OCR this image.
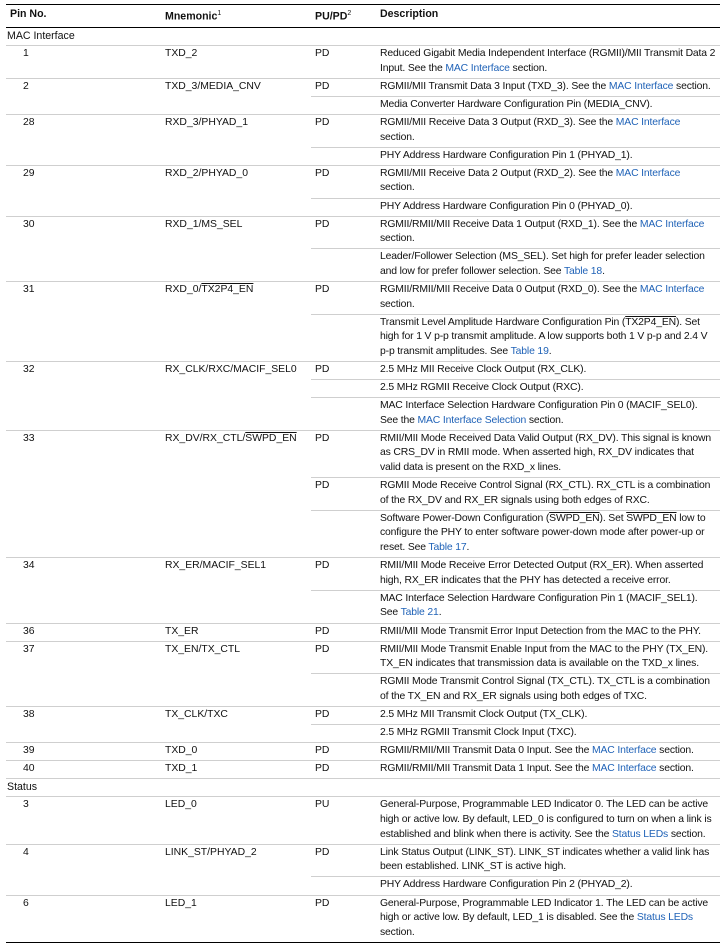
Pin No.	Mnemonic$^1$	$PU/PD^2$	Description
MAC Interface			
1	TXD_2	PD	Reduced Gigabit Media Independent Interface (RGMII)/MII Transmit Data 2 Input. See the MAC Interface section.
2	TXD_3/MEDIA_CNV	PD	RGMII/MII Transmit Data 3 Input (TXD_3). See the MAC Interface section.
			Media Converter Hardware Configuration Pin (MEDIA_CNV).
28	RXD_3/PHYAD_1	PD	RGMII/MII Receive Data 3 Output (RXD_3). See the MAC Interface section.
			PHY Address Hardware Configuration Pin 1 (PHYAD_1).
29	RXD_2/PHYAD_0	PD	RGMII/MII Receive Data 2 Output (RXD_2). See the MAC Interface section.
			PHY Address Hardware Configuration Pin 0 (PHYAD_0).
30	RXD_1/MS_SEL	PD	RGMII/RMII/MII Receive Data 1 Output (RXD_1). See the MAC Interface section.
			Leader/Follower Selection (MS_SEL). Set high for prefer leader selection and low for prefer follower selection. See Table 18.
31	RXD_0/TX2P4_EN	PD	RGMII/RMII/MII Receive Data 0 Output (RXD_0). See the MAC Interface section.
			Transmit Level Amplitude Hardware Configuration Pin (TX2P4_EN). Set high for 1 V p-p transmit amplitude. A low supports both 1 V p-p and 2.4 V p-p transmit amplitudes. See Table 19.
32	RX_CLK/RXC/MACIF_SEL0	PD	2.5 MHz MII Receive Clock Output (RX_CLK).
			2.5 MHz RGMII Receive Clock Output (RXC).
			MAC Interface Selection Hardware Configuration Pin 0 (MACIF_SEL0). See the MAC Interface Selection section.
33	RX_DV/RX_CTL/SWPD_EN	PD	RMII/MII Mode Received Data Valid Output (RX_DV). This signal is known as CRS_DV in RMII mode. When asserted high, RX_DV indicates that valid data is present on the RXD_x lines.
		PD	RGMII Mode Receive Control Signal (RX_CTL). RX_CTL is a combination of the RX_DV and RX_ER signals using both edges of RXC.
			Software Power-Down Configuration (SWPD_EN). Set SWPD_EN low to configure the PHY to enter software power-down mode after power-up or reset. See Table 17.
34	RX_ER/MACIF_SEL1	PD	RMII/MII Mode Receive Error Detected Output (RX_ER). When asserted high, RX_ER indicates that the PHY has detected a receive error.
			MAC Interface Selection Hardware Configuration Pin 1 (MACIF_SEL1). See Table 21.
36	TX_ER	PD	RMII/MII Mode Transmit Error Input Detection from the MAC to the PHY.
37	TX_EN/TX_CTL	PD	RMII/MII Mode Transmit Enable Input from the MAC to the PHY (TX_EN). TX_EN indicates that transmission data is available on the TXD_x lines.
			RGMII Mode Transmit Control Signal (TX_CTL). TX_CTL is a combination of the TX_EN and RX_ER signals using both edges of TXC.
38	TX_CLK/TXC	PD	2.5 MHz MII Transmit Clock Output (TX_CLK).
			2.5 MHz RGMII Transmit Clock Input (TXC).
39	TXD_0	PD	RGMII/RMII/MII Transmit Data 0 Input. See the MAC Interface section.
40	TXD_1	PD	RGMII/RMII/MII Transmit Data 1 Input. See the MAC Interface section.
Status			
3	LED_0	PU	General-Purpose, Programmable LED Indicator 0. The LED can be active high or active low. By default, LED_0 is configured to turn on when a link is established and blink when there is activity. See the Status LEDs section.
4	LINK_ST/PHYAD_2	PD	Link Status Output (LINK_ST). LINK_ST indicates whether a valid link has been established. LINK_ST is active high.
			PHY Address Hardware Configuration Pin 2 (PHYAD_2).
6	LED_1	PD	General-Purpose, Programmable LED Indicator 1. The LED can be active high or active low. By default, LED_1 is disabled. See the Status LEDs section.
